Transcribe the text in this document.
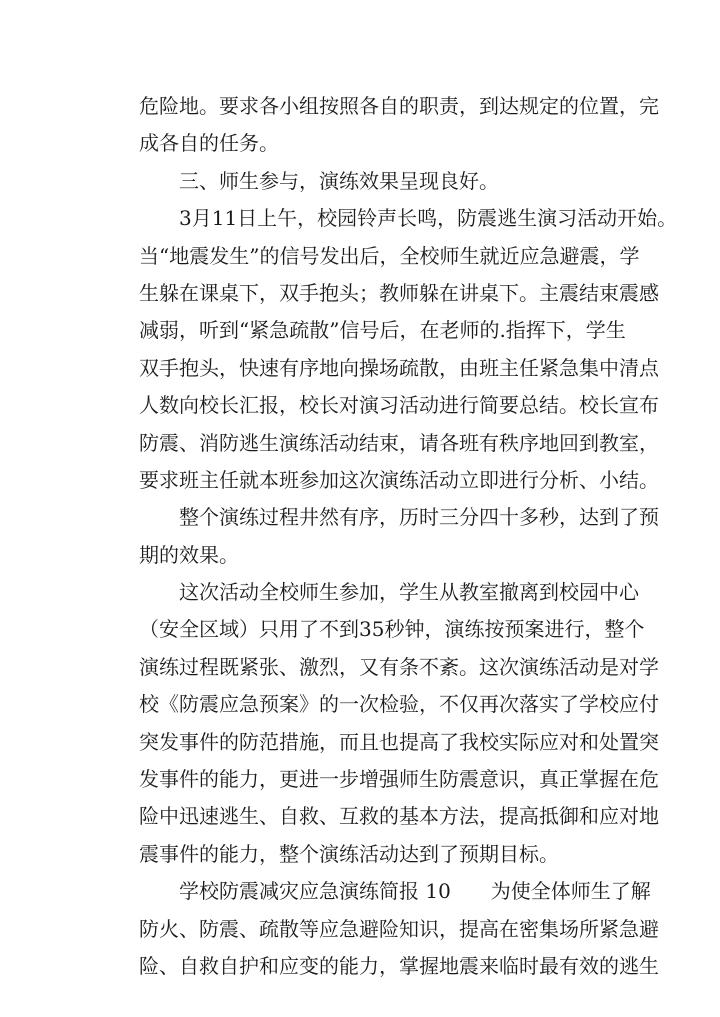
危险地。要求各小组按照各自的职责，到达规定的位置，完
成各自的任务。
三、师生参与，演练效果呈现良好。
3月11日上午，校园铃声长鸣，防震逃生演习活动开始。
当“地震发生”的信号发出后，全校师生就近应急避震，学
生躲在课桌下，双手抱头；教师躲在讲桌下。主震结束震感
减弱，听到“紧急疏散”信号后，在老师的.指挥下，学生
双手抱头，快速有序地向操场疏散，由班主任紧急集中清点
人数向校长汇报，校长对演习活动进行简要总结。校长宣布
防震、消防逃生演练活动结束，请各班有秩序地回到教室，
要求班主任就本班参加这次演练活动立即进行分析、小结。
整个演练过程井然有序，历时三分四十多秒，达到了预
期的效果。
这次活动全校师生参加，学生从教室撤离到校园中心
（安全区域）只用了不到35秒钟，演练按预案进行，整个
演练过程既紧张、激烈，又有条不紊。这次演练活动是对学
校《防震应急预案》的一次检验，不仅再次落实了学校应付
突发事件的防范措施，而且也提高了我校实际应对和处置突
发事件的能力，更进一步增强师生防震意识，真正掌握在危
险中迅速逃生、自救、互救的基本方法，提高抵御和应对地
震事件的能力，整个演练活动达到了预期目标。
学校防震减灾应急演练简报 10　　为使全体师生了解
防火、防震、疏散等应急避险知识，提高在密集场所紧急避
险、自救自护和应变的能力，掌握地震来临时最有效的逃生
